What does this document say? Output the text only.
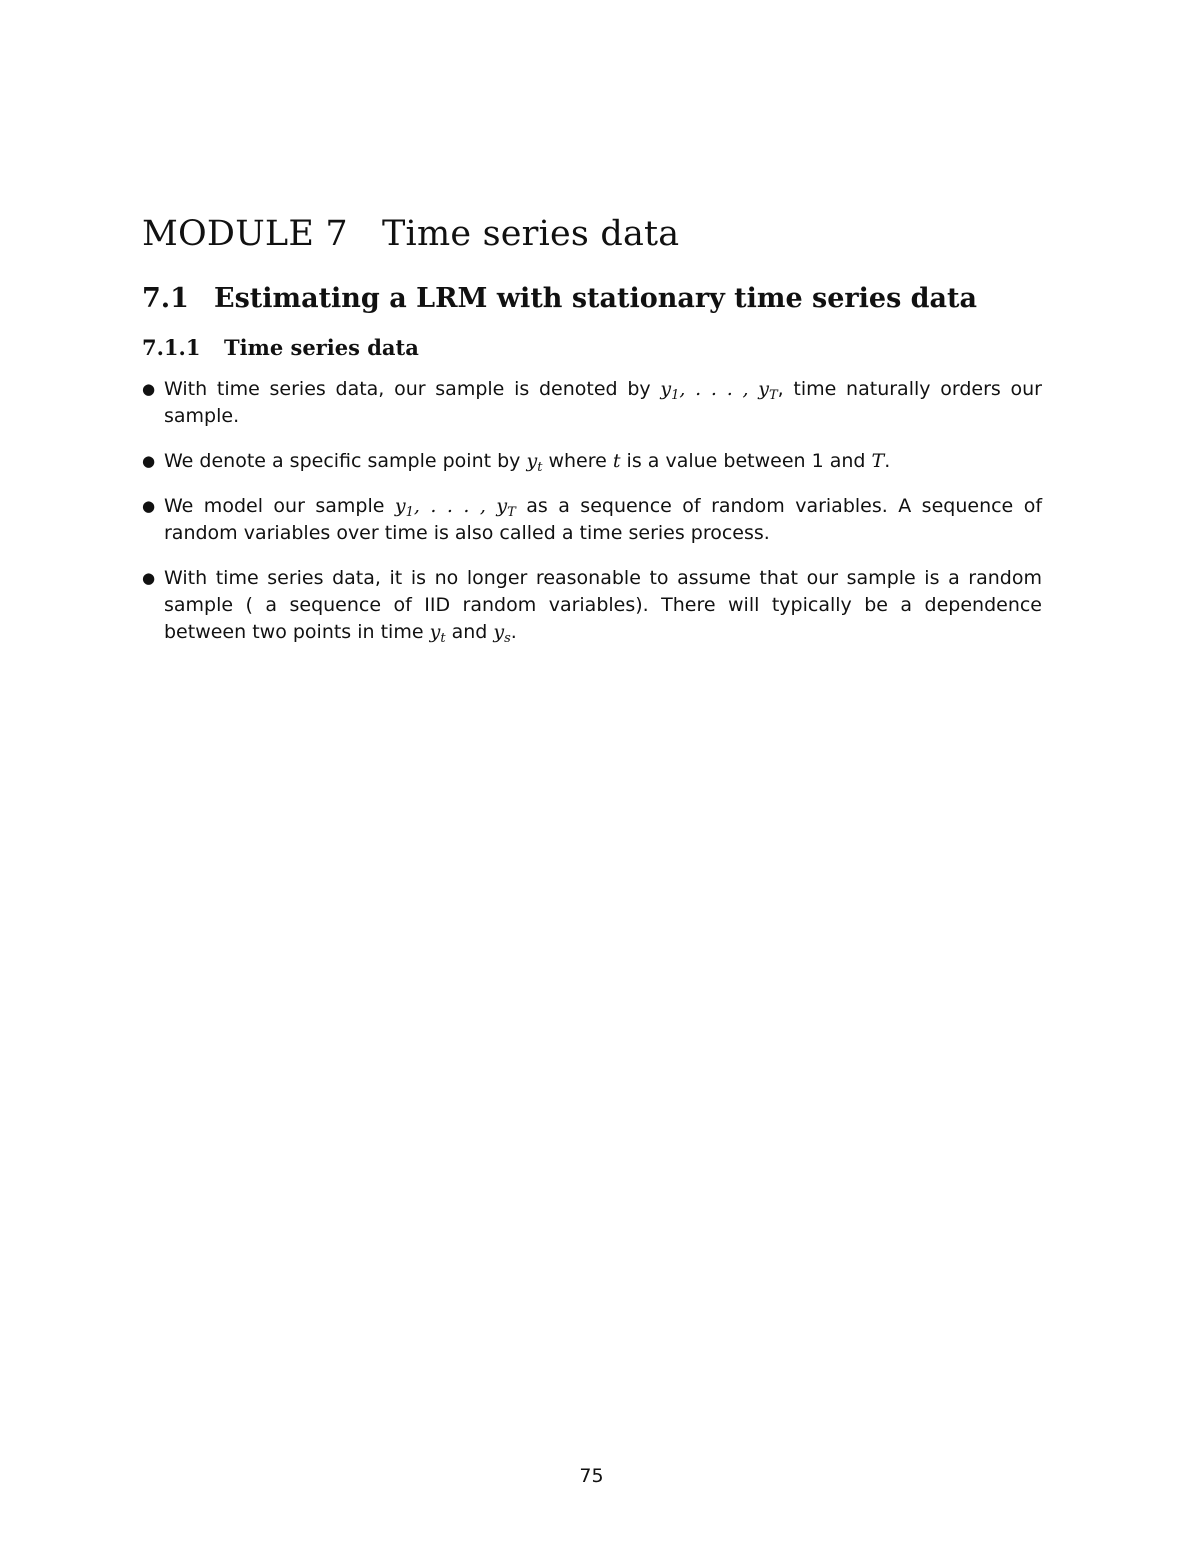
MODULE 7 Time series data
7.1 Estimating a LRM with stationary time series data
7.1.1 Time series data
● With time series data, our sample is denoted by $y_1$, . . . , $y_T$, time naturally orders our sample.
● We denote a specific sample point by $y_t$ where t is a value between 1 and T.
● We model our sample $y_1$, . . . , $y_T$ as a sequence of random variables. A sequence of random variables over time is also called a time series process.
● With time series data, it is no longer reasonable to assume that our sample is a random sample ( a sequence of IID random variables). There will typically be a dependence between two points in time $y_t$ and $y_s$.
75
